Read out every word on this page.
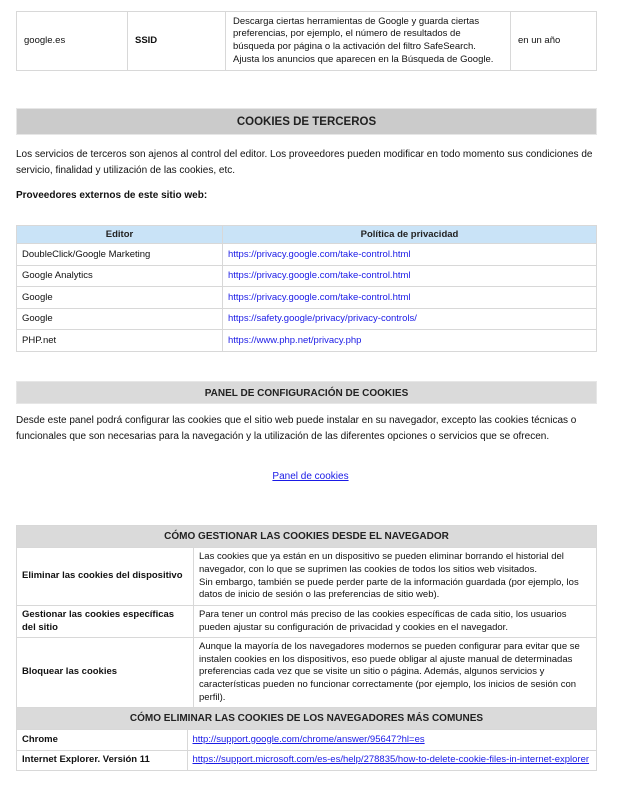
google.es	SSID	Descarga ciertas herramientas de Google y guarda ciertas preferencias, por ejemplo, el número de resultados de búsqueda por página o la activación del filtro SafeSearch. Ajusta los anuncios que aparecen en la Búsqueda de Google.	en un año
COOKIES DE TERCEROS

Los servicios de terceros son ajenos al control del editor. Los proveedores pueden modificar en todo momento sus condiciones de servicio, finalidad y utilización de las cookies, etc.

Proveedores externos de este sitio web:

Editor	Política de privacidad
DoubleClick/Google Marketing	https://privacy.google.com/take-control.html
Google Analytics	https://privacy.google.com/take-control.html
Google	https://privacy.google.com/take-control.html
Google	https://safety.google/privacy/privacy-controls/
PHP.net	https://www.php.net/privacy.php
PANEL DE CONFIGURACIÓN DE COOKIES

Desde este panel podrá configurar las cookies que el sitio web puede instalar en su navegador, excepto las cookies técnicas o funcionales que son necesarias para la navegación y la utilización de las diferentes opciones o servicios que se ofrecen.

Panel de cookies
CÓMO GESTIONAR LAS COOKIES DESDE EL NAVEGADOR
Eliminar las cookies del dispositivo	Las cookies que ya están en un dispositivo se pueden eliminar borrando el historial del navegador, con lo que se suprimen las cookies de todos los sitios web visitados.
Sin embargo, también se puede perder parte de la información guardada (por ejemplo, los datos de inicio de sesión o las preferencias de sitio web).
Gestionar las cookies específicas del sitio	Para tener un control más preciso de las cookies específicas de cada sitio, los usuarios pueden ajustar su configuración de privacidad y cookies en el navegador.
Bloquear las cookies	Aunque la mayoría de los navegadores modernos se pueden configurar para evitar que se instalen cookies en los dispositivos, eso puede obligar al ajuste manual de determinadas preferencias cada vez que se visite un sitio o página. Además, algunos servicios y características pueden no funcionar correctamente (por ejemplo, los inicios de sesión con perfil).
CÓMO ELIMINAR LAS COOKIES DE LOS NAVEGADORES MÁS COMUNES

Chrome	http://support.google.com/chrome/answer/95647?hl=es
Internet Explorer. Versión 11	https://support.microsoft.com/es-es/help/278835/how-to-delete-cookie-files-in-internet-explorer
